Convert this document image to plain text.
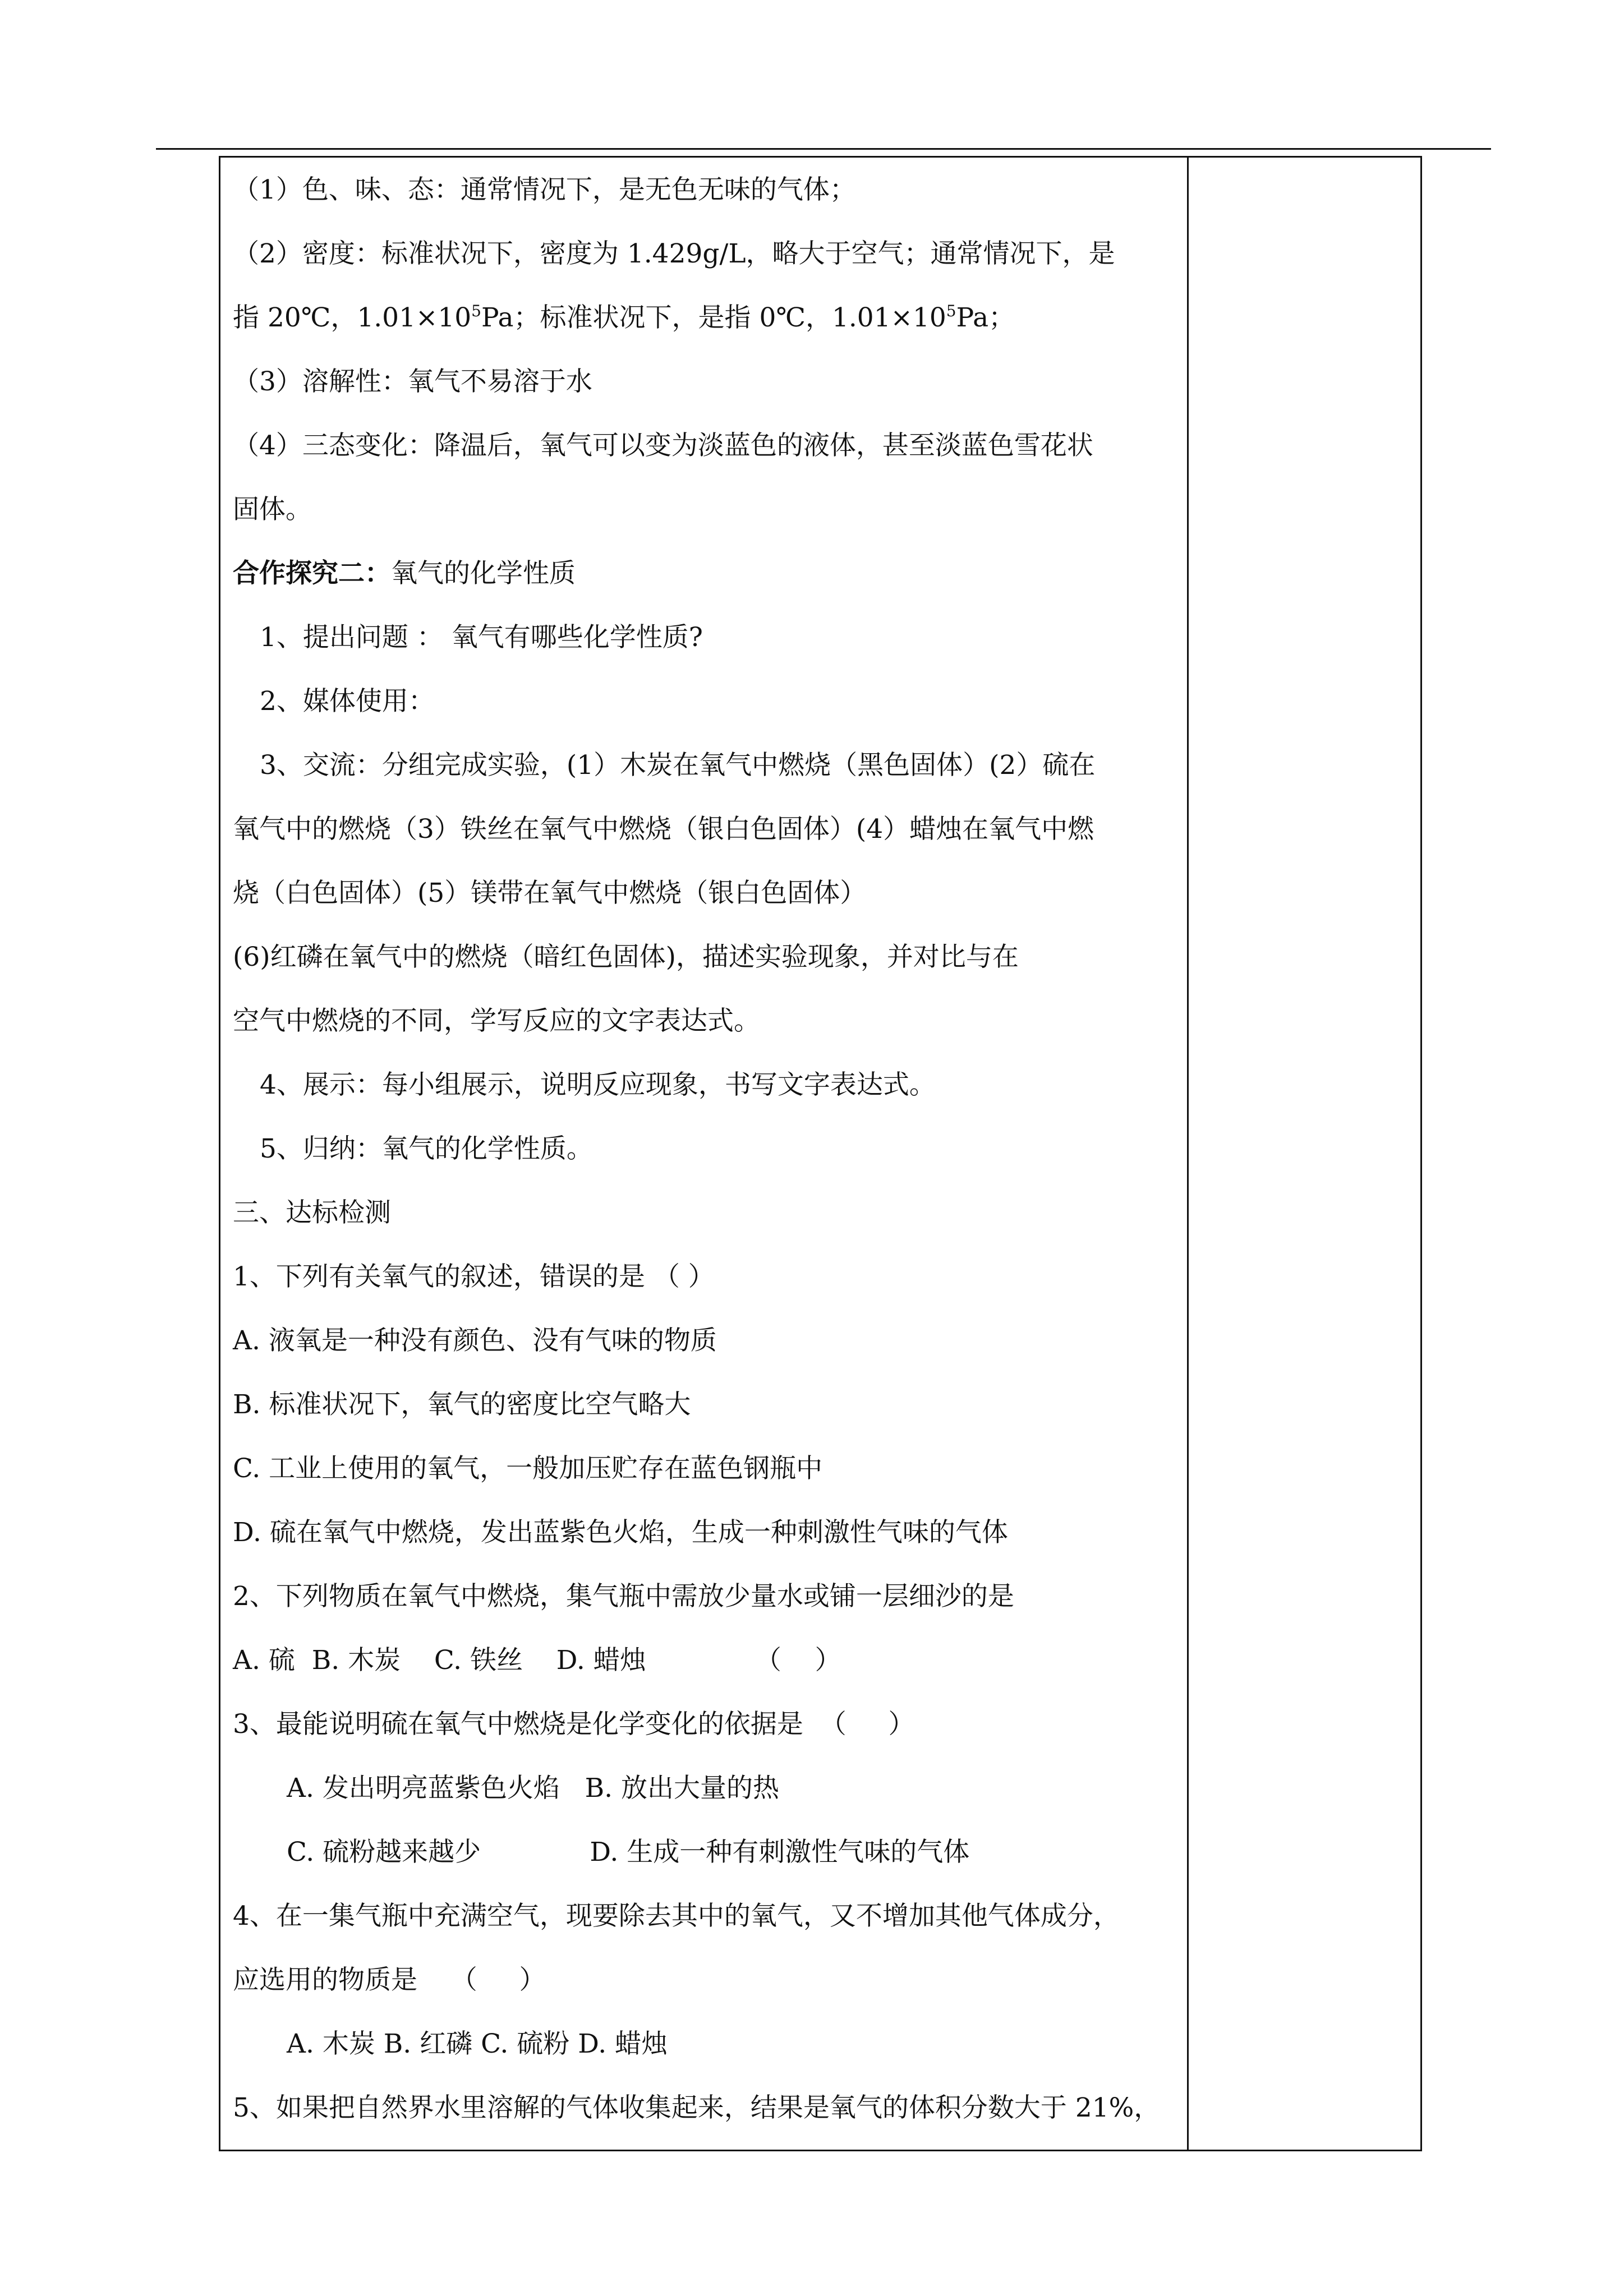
（1）色、味、态：通常情况下，是无色无味的气体；
（2）密度：标准状况下，密度为 1.429g/L，略大于空气；通常情况下，是
指 20℃，$1.01\times 10^5Pa$；标准状况下，是指 0℃，$1.01\times 10^5Pa$；
（3）溶解性：氧气不易溶于水
（4）三态变化：降温后，氧气可以变为淡蓝色的液体，甚至淡蓝色雪花状
固体。
合作探究二：氧气的化学性质
1、提出问题 ： 氧气有哪些化学性质?
2、媒体使用：
3、交流：分组完成实验，(1）木炭在氧气中燃烧（黑色固体）(2）硫在
氧气中的燃烧（3）铁丝在氧气中燃烧（银白色固体）(4）蜡烛在氧气中燃
烧（白色固体）(5）镁带在氧气中燃烧（银白色固体）
(6)红磷在氧气中的燃烧（暗红色固体)，描述实验现象，并对比与在
空气中燃烧的不同，学写反应的文字表达式。
4、展示：每小组展示，说明反应现象，书写文字表达式。
5、归纳：氧气的化学性质。
三、达标检测
1、下列有关氧气的叙述，错误的是 （ ）
A. 液氧是一种没有颜色、没有气味的物质
B. 标准状况下，氧气的密度比空气略大
C. 工业上使用的氧气，一般加压贮存在蓝色钢瓶中
D. 硫在氧气中燃烧，发出蓝紫色火焰，生成一种刺激性气味的气体
2、下列物质在氧气中燃烧，集气瓶中需放少量水或铺一层细沙的是
A. 硫  B. 木炭    C. 铁丝    D. 蜡烛             （    ）
3、最能说明硫在氧气中燃烧是化学变化的依据是  （     ）
A. 发出明亮蓝紫色火焰   B. 放出大量的热
C. 硫粉越来越少             D. 生成一种有刺激性气味的气体
4、在一集气瓶中充满空气，现要除去其中的氧气，又不增加其他气体成分，
应选用的物质是    （     ）
A. 木炭 B. 红磷 C. 硫粉 D. 蜡烛
5、如果把自然界水里溶解的气体收集起来，结果是氧气的体积分数大于 21%，
